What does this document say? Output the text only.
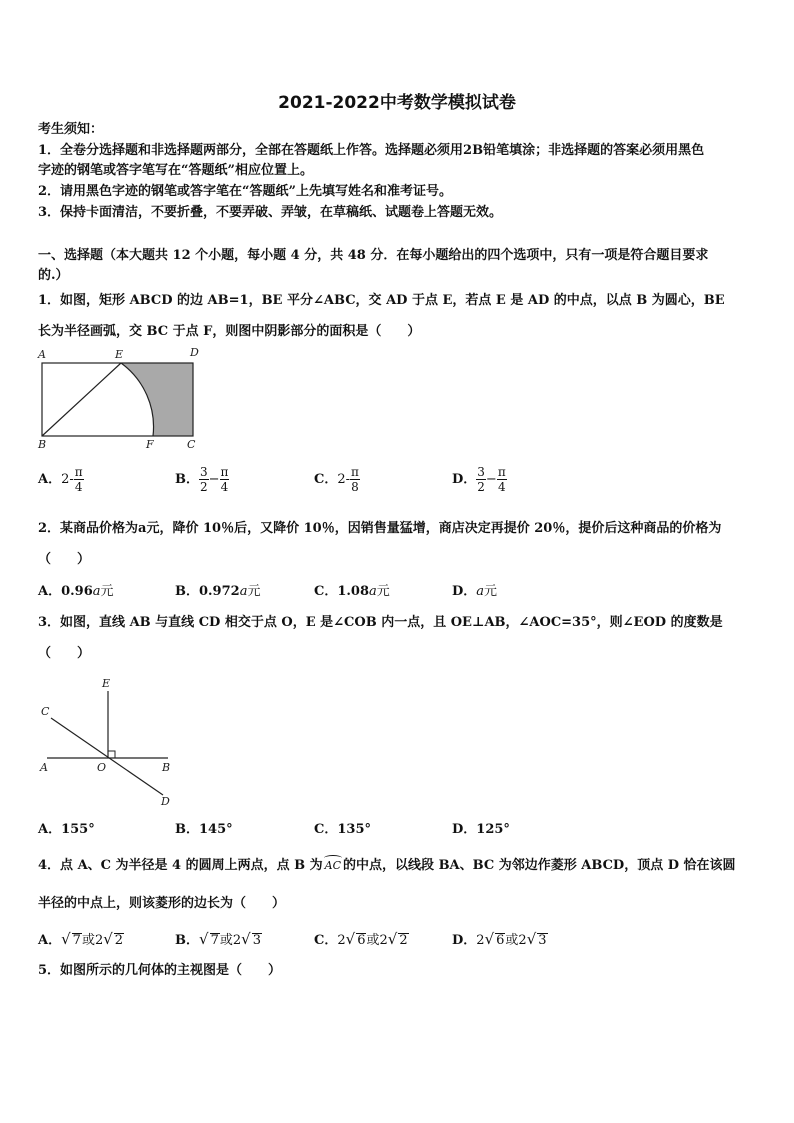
2021-2022中考数学模拟试卷
考生须知：
1．全卷分选择题和非选择题两部分，全部在答题纸上作答。选择题必须用2B铅笔填涂；非选择题的答案必须用黑色
字迹的钢笔或答字笔写在“答题纸”相应位置上。
2．请用黑色字迹的钢笔或答字笔在“答题纸”上先填写姓名和准考证号。
3．保持卡面清洁，不要折叠，不要弄破、弄皱，在草稿纸、试题卷上答题无效。
一、选择题（本大题共 12 个小题，每小题 4 分，共 48 分．在每小题给出的四个选项中，只有一项是符合题目要求
的.）
1．如图，矩形 ABCD 的边 AB=1，BE 平分∠ABC，交 AD 于点 E，若点 E 是 AD 的中点，以点 B 为圆心，BE
长为半径画弧，交 BC 于点 F，则图中阴影部分的面积是（　　）
A	E	D
B	F	C
A．$2- \frac{\pi}{4}$	B． $\frac{3}{2} - \frac{\pi}{4}$	C．$2- \frac{\pi}{8}$	D． $\frac{3}{2} - \frac{\pi}{4}$
2．某商品价格为a元，降价 10％后，又降价 10％，因销售量猛增，商店决定再提价 20％，提价后这种商品的价格为
（　　）
A．0.96a元	B．0.972a元	C．1.08a元	D．a元
3．如图，直线 AB 与直线 CD 相交于点 O，E 是∠COB 内一点，且 OE⊥AB，∠AOC=35°，则∠EOD 的度数是
（　　）
E
C
A	O	B
D
A．155°	B．145°	C．135°	D．125°
4．点 A、C 为半径是 4 的圆周上两点，点 B 为 AC 的中点，以线段 BA、BC 为邻边作菱形 ABCD，顶点 D 恰在该圆
半径的中点上，则该菱形的边长为（　　）
A．√ 7或2√ 2	B．√ 7或2√ 3	C．2√ 6或2√ 2	D．2√ 6或2√ 3
5．如图所示的几何体的主视图是（　　）
